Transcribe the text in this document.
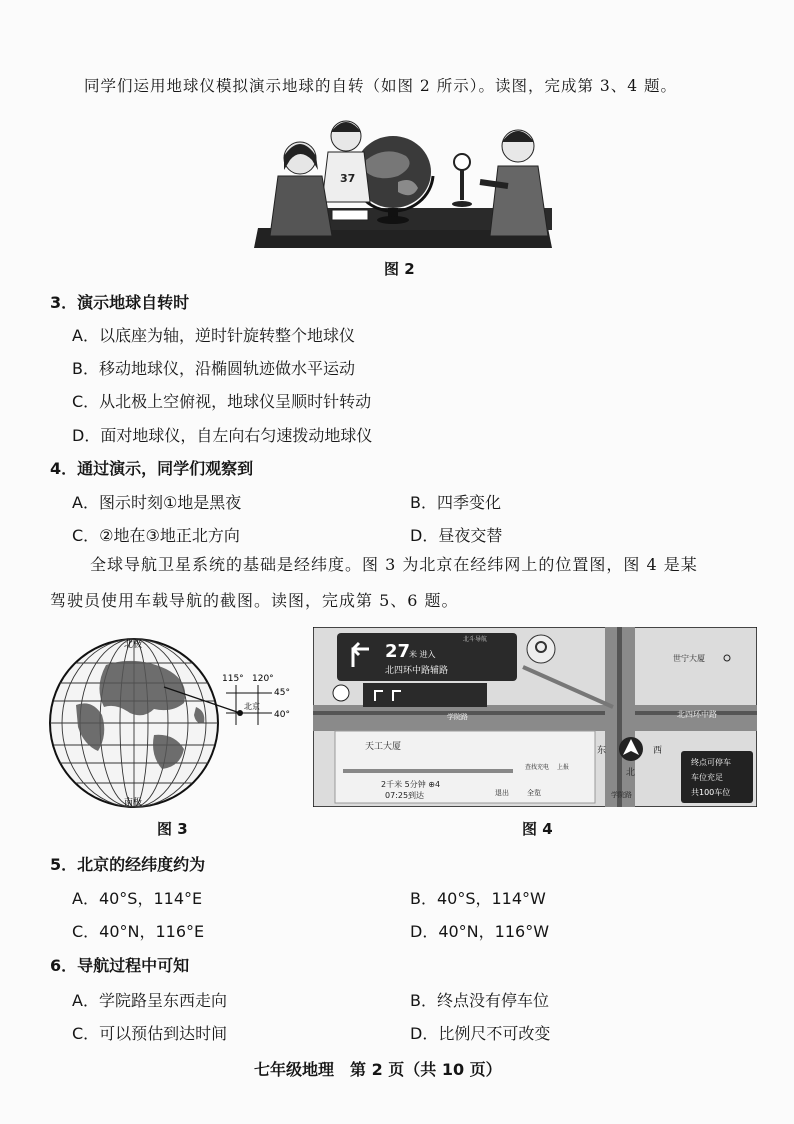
同学们运用地球仪模拟演示地球的自转（如图 2 所示）。读图，完成第 3、4 题。
37
图 2
3．演示地球自转时
A．以底座为轴，逆时针旋转整个地球仪
B．移动地球仪，沿椭圆轨迹做水平运动
C．从北极上空俯视，地球仪呈顺时针转动
D．面对地球仪，自左向右匀速拨动地球仪
4．通过演示，同学们观察到
A．图示时刻①地是黑夜	B．四季变化
C．②地在③地正北方向	D．昼夜交替
全球导航卫星系统的基础是经纬度。图 3 为北京在经纬网上的位置图，图 4 是某
驾驶员使用车载导航的截图。读图，完成第 5、6 题。
115° 120°
45°
40°
北京
北极
南极
图 3
27
米 进入
北四环中路辅路
北斗导航
世宁大厦
北四环中路
学院路
天工大厦
2千米 5分钟 ⊕4
07:25到达	退出	全览
查找充电 上报
东	西
北
学院路
终点可停车
车位充足
共100车位
图 4
5．北京的经纬度约为
A．40°S，114°E	B．40°S，114°W
C．40°N，116°E	D．40°N，116°W
6．导航过程中可知
A．学院路呈东西走向	B．终点没有停车位
C．可以预估到达时间	D．比例尺不可改变
七年级地理　第 2 页（共 10 页）
